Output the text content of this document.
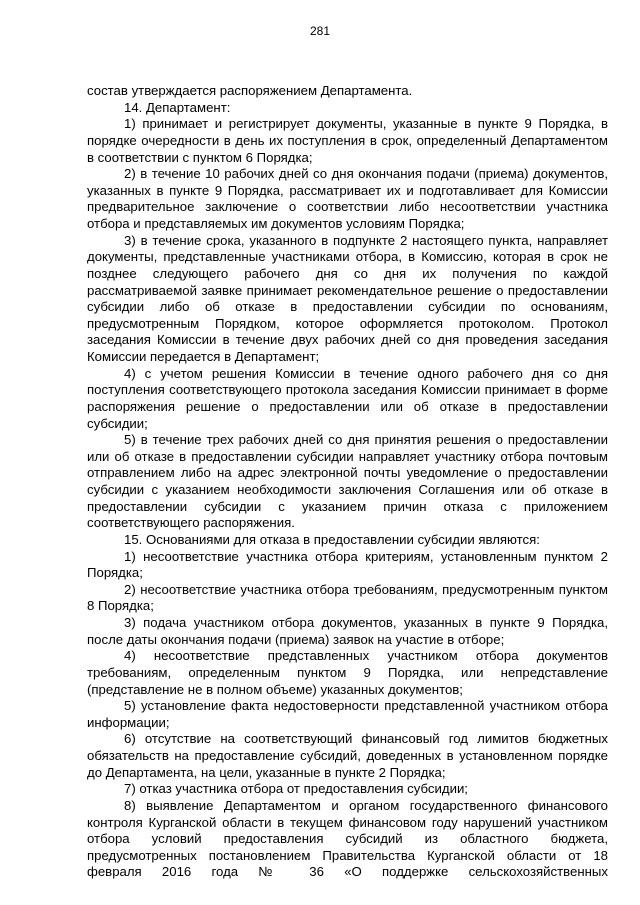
281

состав утверждается распоряжением Департамента.

14. Департамент:

1) принимает и регистрирует документы, указанные в пункте 9 Порядка, в порядке очередности в день их поступления в срок, определенный Департаментом в соответствии с пунктом 6 Порядка;

2) в течение 10 рабочих дней со дня окончания подачи (приема) документов, указанных в пункте 9 Порядка, рассматривает их и подготавливает для Комиссии предварительное заключение о соответствии либо несоответствии участника отбора и представляемых им документов условиям Порядка;

3) в течение срока, указанного в подпункте 2 настоящего пункта, направляет документы, представленные участниками отбора, в Комиссию, которая в срок не позднее следующего рабочего дня со дня их получения по каждой рассматриваемой заявке принимает рекомендательное решение о предоставлении субсидии либо об отказе в предоставлении субсидии по основаниям, предусмотренным Порядком, которое оформляется протоколом. Протокол заседания Комиссии в течение двух рабочих дней со дня проведения заседания Комиссии передается в Департамент;

4) с учетом решения Комиссии в течение одного рабочего дня со дня поступления соответствующего протокола заседания Комиссии принимает в форме распоряжения решение о предоставлении или об отказе в предоставлении субсидии;

5) в течение трех рабочих дней со дня принятия решения о предоставлении или об отказе в предоставлении субсидии направляет участнику отбора почтовым отправлением либо на адрес электронной почты уведомление о предоставлении субсидии с указанием необходимости заключения Соглашения или об отказе в предоставлении субсидии с указанием причин отказа с приложением соответствующего распоряжения.

15. Основаниями для отказа в предоставлении субсидии являются:

1) несоответствие участника отбора критериям, установленным пунктом 2 Порядка;

2) несоответствие участника отбора требованиям, предусмотренным пунктом 8 Порядка;

3) подача участником отбора документов, указанных в пункте 9 Порядка, после даты окончания подачи (приема) заявок на участие в отборе;

4) несоответствие представленных участником отбора документов требованиям, определенным пунктом 9 Порядка, или непредставление (представление не в полном объеме) указанных документов;

5) установление факта недостоверности представленной участником отбора информации;

6) отсутствие на соответствующий финансовый год лимитов бюджетных обязательств на предоставление субсидий, доведенных в установленном порядке до Департамента, на цели, указанные в пункте 2 Порядка;

7) отказ участника отбора от предоставления субсидии;

8) выявление Департаментом и органом государственного финансового контроля Курганской области в текущем финансовом году нарушений участником отбора условий предоставления субсидий из областного бюджета, предусмотренных постановлением Правительства Курганской области от 18 февраля 2016 года № 36 «О поддержке сельскохозяйственных
